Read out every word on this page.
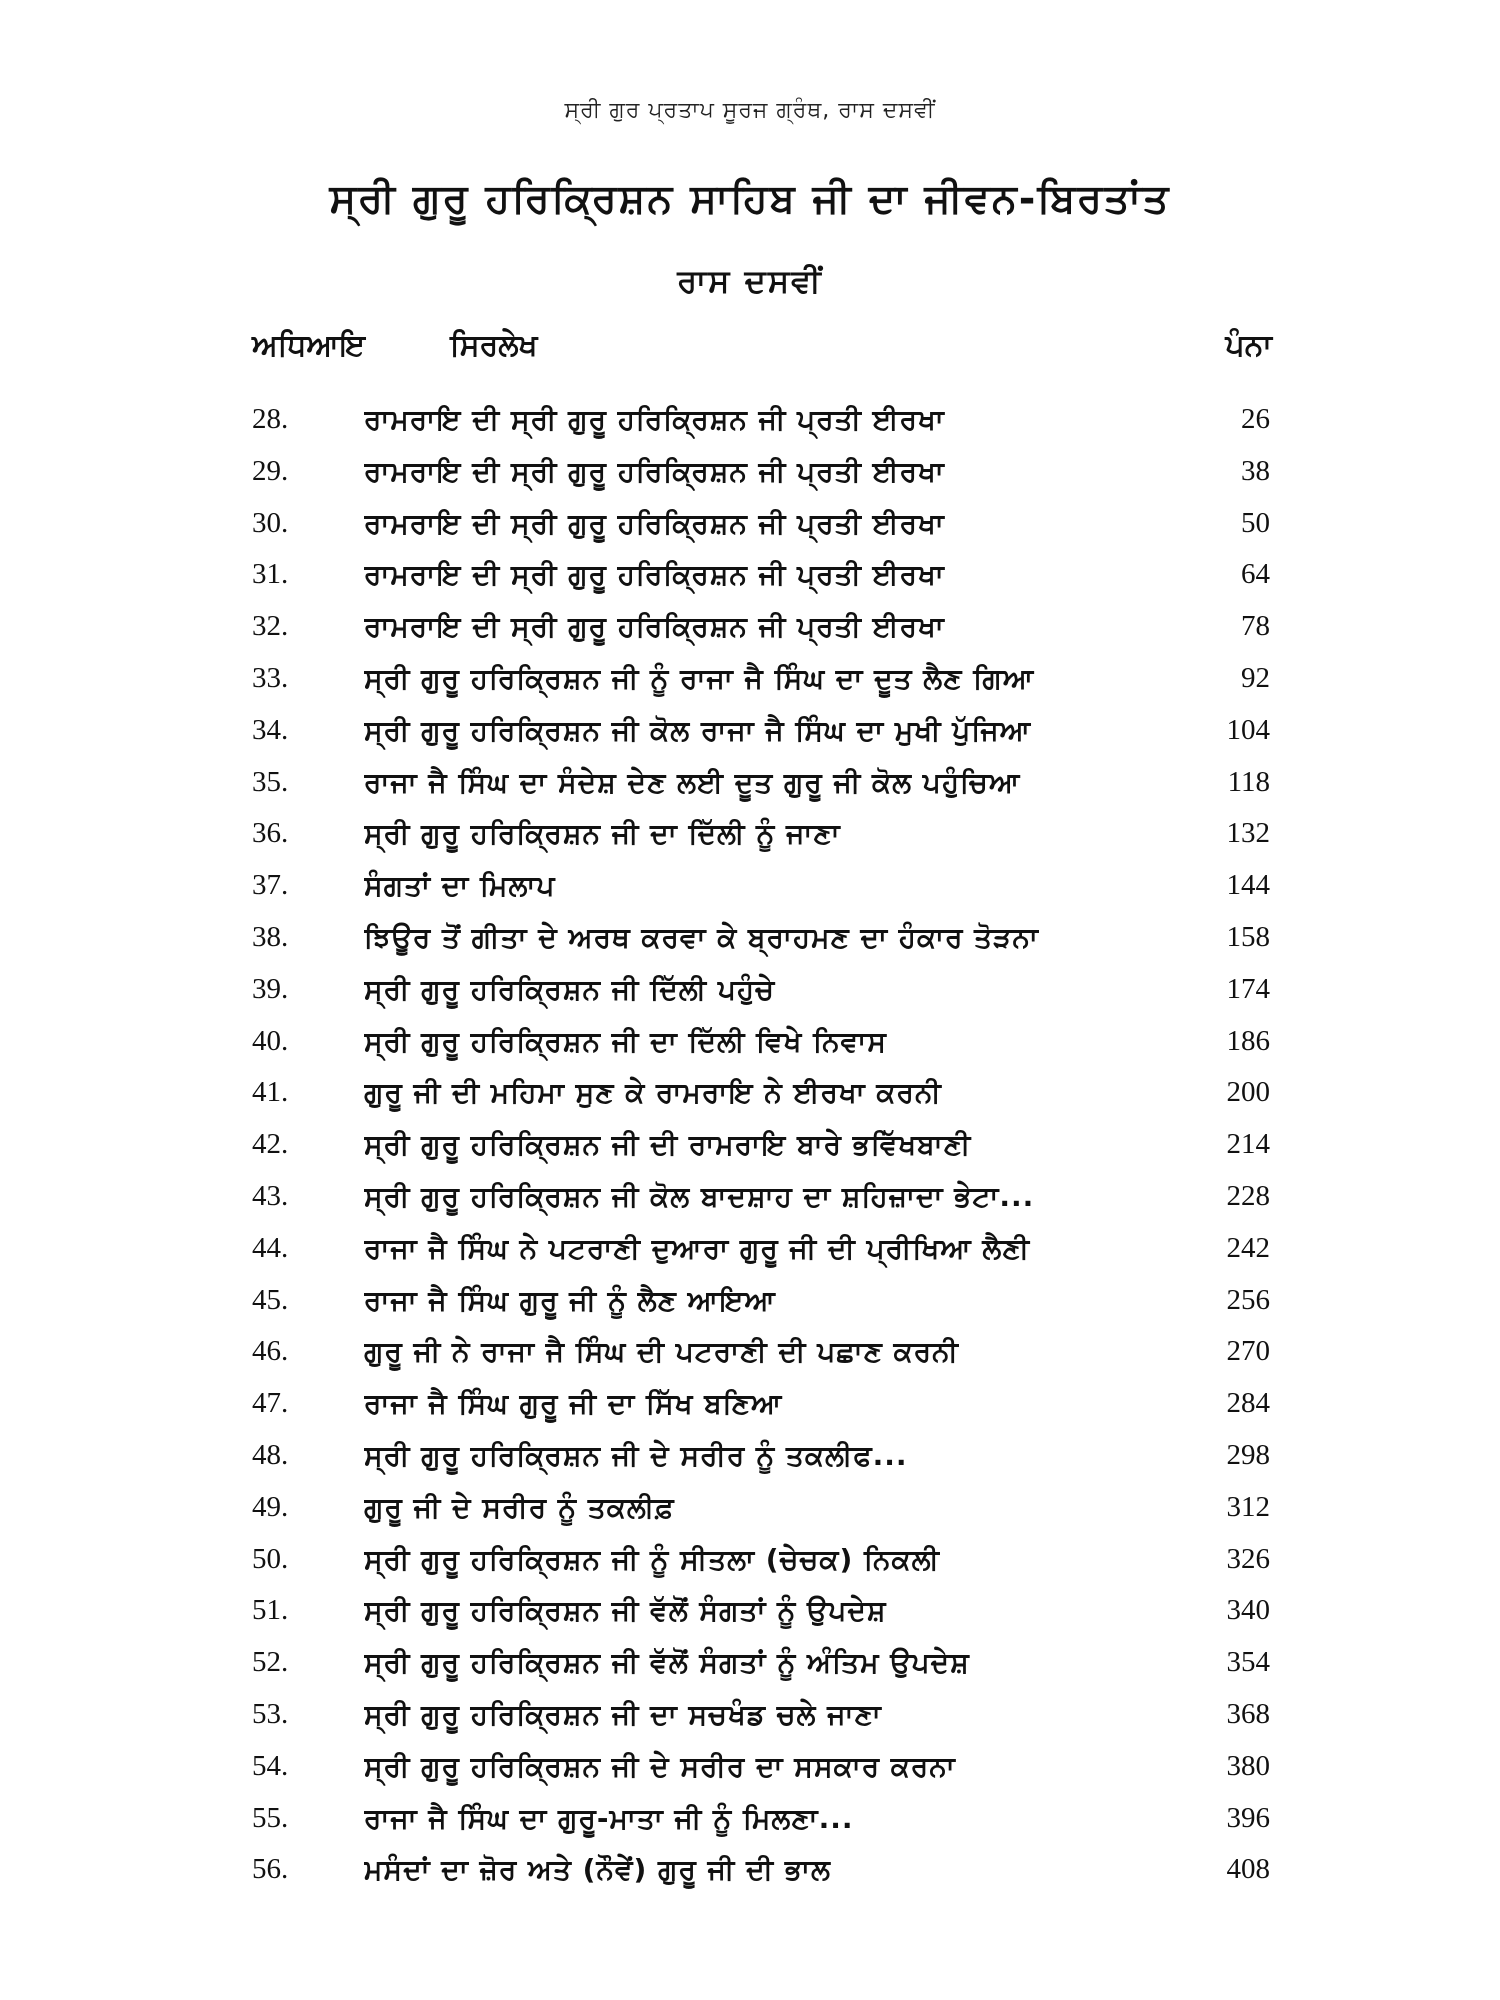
ਸ੍ਰੀ ਗੁਰ ਪ੍ਰਤਾਪ ਸੂਰਜ ਗ੍ਰੰਥ, ਰਾਸ ਦਸਵੀਂ
ਸ੍ਰੀ ਗੁਰੂ ਹਰਿਕ੍ਰਿਸ਼ਨ ਸਾਹਿਬ ਜੀ ਦਾ ਜੀਵਨ-ਬਿਰਤਾਂਤ
ਰਾਸ ਦਸਵੀਂ
ਅਧਿਆਇ	ਸਿਰਲੇਖ	ਪੰਨਾ
28.	ਰਾਮਰਾਇ ਦੀ ਸ੍ਰੀ ਗੁਰੂ ਹਰਿਕ੍ਰਿਸ਼ਨ ਜੀ ਪ੍ਰਤੀ ਈਰਖਾ	26
29.	ਰਾਮਰਾਇ ਦੀ ਸ੍ਰੀ ਗੁਰੂ ਹਰਿਕ੍ਰਿਸ਼ਨ ਜੀ ਪ੍ਰਤੀ ਈਰਖਾ	38
30.	ਰਾਮਰਾਇ ਦੀ ਸ੍ਰੀ ਗੁਰੂ ਹਰਿਕ੍ਰਿਸ਼ਨ ਜੀ ਪ੍ਰਤੀ ਈਰਖਾ	50
31.	ਰਾਮਰਾਇ ਦੀ ਸ੍ਰੀ ਗੁਰੂ ਹਰਿਕ੍ਰਿਸ਼ਨ ਜੀ ਪ੍ਰਤੀ ਈਰਖਾ	64
32.	ਰਾਮਰਾਇ ਦੀ ਸ੍ਰੀ ਗੁਰੂ ਹਰਿਕ੍ਰਿਸ਼ਨ ਜੀ ਪ੍ਰਤੀ ਈਰਖਾ	78
33.	ਸ੍ਰੀ ਗੁਰੂ ਹਰਿਕ੍ਰਿਸ਼ਨ ਜੀ ਨੂੰ ਰਾਜਾ ਜੈ ਸਿੰਘ ਦਾ ਦੂਤ ਲੈਣ ਗਿਆ	92
34.	ਸ੍ਰੀ ਗੁਰੂ ਹਰਿਕ੍ਰਿਸ਼ਨ ਜੀ ਕੋਲ ਰਾਜਾ ਜੈ ਸਿੰਘ ਦਾ ਮੁਖੀ ਪੁੱਜਿਆ	104
35.	ਰਾਜਾ ਜੈ ਸਿੰਘ ਦਾ ਸੰਦੇਸ਼ ਦੇਣ ਲਈ ਦੂਤ ਗੁਰੂ ਜੀ ਕੋਲ ਪਹੁੰਚਿਆ	118
36.	ਸ੍ਰੀ ਗੁਰੂ ਹਰਿਕ੍ਰਿਸ਼ਨ ਜੀ ਦਾ ਦਿੱਲੀ ਨੂੰ ਜਾਣਾ	132
37.	ਸੰਗਤਾਂ ਦਾ ਮਿਲਾਪ	144
38.	ਝਿਊਰ ਤੋਂ ਗੀਤਾ ਦੇ ਅਰਥ ਕਰਵਾ ਕੇ ਬ੍ਰਾਹਮਣ ਦਾ ਹੰਕਾਰ ਤੋੜਨਾ	158
39.	ਸ੍ਰੀ ਗੁਰੂ ਹਰਿਕ੍ਰਿਸ਼ਨ ਜੀ ਦਿੱਲੀ ਪਹੁੰਚੇ	174
40.	ਸ੍ਰੀ ਗੁਰੂ ਹਰਿਕ੍ਰਿਸ਼ਨ ਜੀ ਦਾ ਦਿੱਲੀ ਵਿਖੇ ਨਿਵਾਸ	186
41.	ਗੁਰੂ ਜੀ ਦੀ ਮਹਿਮਾ ਸੁਣ ਕੇ ਰਾਮਰਾਇ ਨੇ ਈਰਖਾ ਕਰਨੀ	200
42.	ਸ੍ਰੀ ਗੁਰੂ ਹਰਿਕ੍ਰਿਸ਼ਨ ਜੀ ਦੀ ਰਾਮਰਾਇ ਬਾਰੇ ਭਵਿੱਖਬਾਣੀ	214
43.	ਸ੍ਰੀ ਗੁਰੂ ਹਰਿਕ੍ਰਿਸ਼ਨ ਜੀ ਕੋਲ ਬਾਦਸ਼ਾਹ ਦਾ ਸ਼ਹਿਜ਼ਾਦਾ ਭੇਟਾ...	228
44.	ਰਾਜਾ ਜੈ ਸਿੰਘ ਨੇ ਪਟਰਾਣੀ ਦੁਆਰਾ ਗੁਰੂ ਜੀ ਦੀ ਪ੍ਰੀਖਿਆ ਲੈਣੀ	242
45.	ਰਾਜਾ ਜੈ ਸਿੰਘ ਗੁਰੂ ਜੀ ਨੂੰ ਲੈਣ ਆਇਆ	256
46.	ਗੁਰੂ ਜੀ ਨੇ ਰਾਜਾ ਜੈ ਸਿੰਘ ਦੀ ਪਟਰਾਣੀ ਦੀ ਪਛਾਣ ਕਰਨੀ	270
47.	ਰਾਜਾ ਜੈ ਸਿੰਘ ਗੁਰੂ ਜੀ ਦਾ ਸਿੱਖ ਬਣਿਆ	284
48.	ਸ੍ਰੀ ਗੁਰੂ ਹਰਿਕ੍ਰਿਸ਼ਨ ਜੀ ਦੇ ਸਰੀਰ ਨੂੰ ਤਕਲੀਫ...	298
49.	ਗੁਰੂ ਜੀ ਦੇ ਸਰੀਰ ਨੂੰ ਤਕਲੀਫ਼	312
50.	ਸ੍ਰੀ ਗੁਰੂ ਹਰਿਕ੍ਰਿਸ਼ਨ ਜੀ ਨੂੰ ਸੀਤਲਾ (ਚੇਚਕ) ਨਿਕਲੀ	326
51.	ਸ੍ਰੀ ਗੁਰੂ ਹਰਿਕ੍ਰਿਸ਼ਨ ਜੀ ਵੱਲੋਂ ਸੰਗਤਾਂ ਨੂੰ ਉਪਦੇਸ਼	340
52.	ਸ੍ਰੀ ਗੁਰੂ ਹਰਿਕ੍ਰਿਸ਼ਨ ਜੀ ਵੱਲੋਂ ਸੰਗਤਾਂ ਨੂੰ ਅੰਤਿਮ ਉਪਦੇਸ਼	354
53.	ਸ੍ਰੀ ਗੁਰੂ ਹਰਿਕ੍ਰਿਸ਼ਨ ਜੀ ਦਾ ਸਚਖੰਡ ਚਲੇ ਜਾਣਾ	368
54.	ਸ੍ਰੀ ਗੁਰੂ ਹਰਿਕ੍ਰਿਸ਼ਨ ਜੀ ਦੇ ਸਰੀਰ ਦਾ ਸਸਕਾਰ ਕਰਨਾ	380
55.	ਰਾਜਾ ਜੈ ਸਿੰਘ ਦਾ ਗੁਰੂ-ਮਾਤਾ ਜੀ ਨੂੰ ਮਿਲਣਾ...	396
56.	ਮਸੰਦਾਂ ਦਾ ਜ਼ੋਰ ਅਤੇ (ਨੌਵੇਂ) ਗੁਰੂ ਜੀ ਦੀ ਭਾਲ	408
